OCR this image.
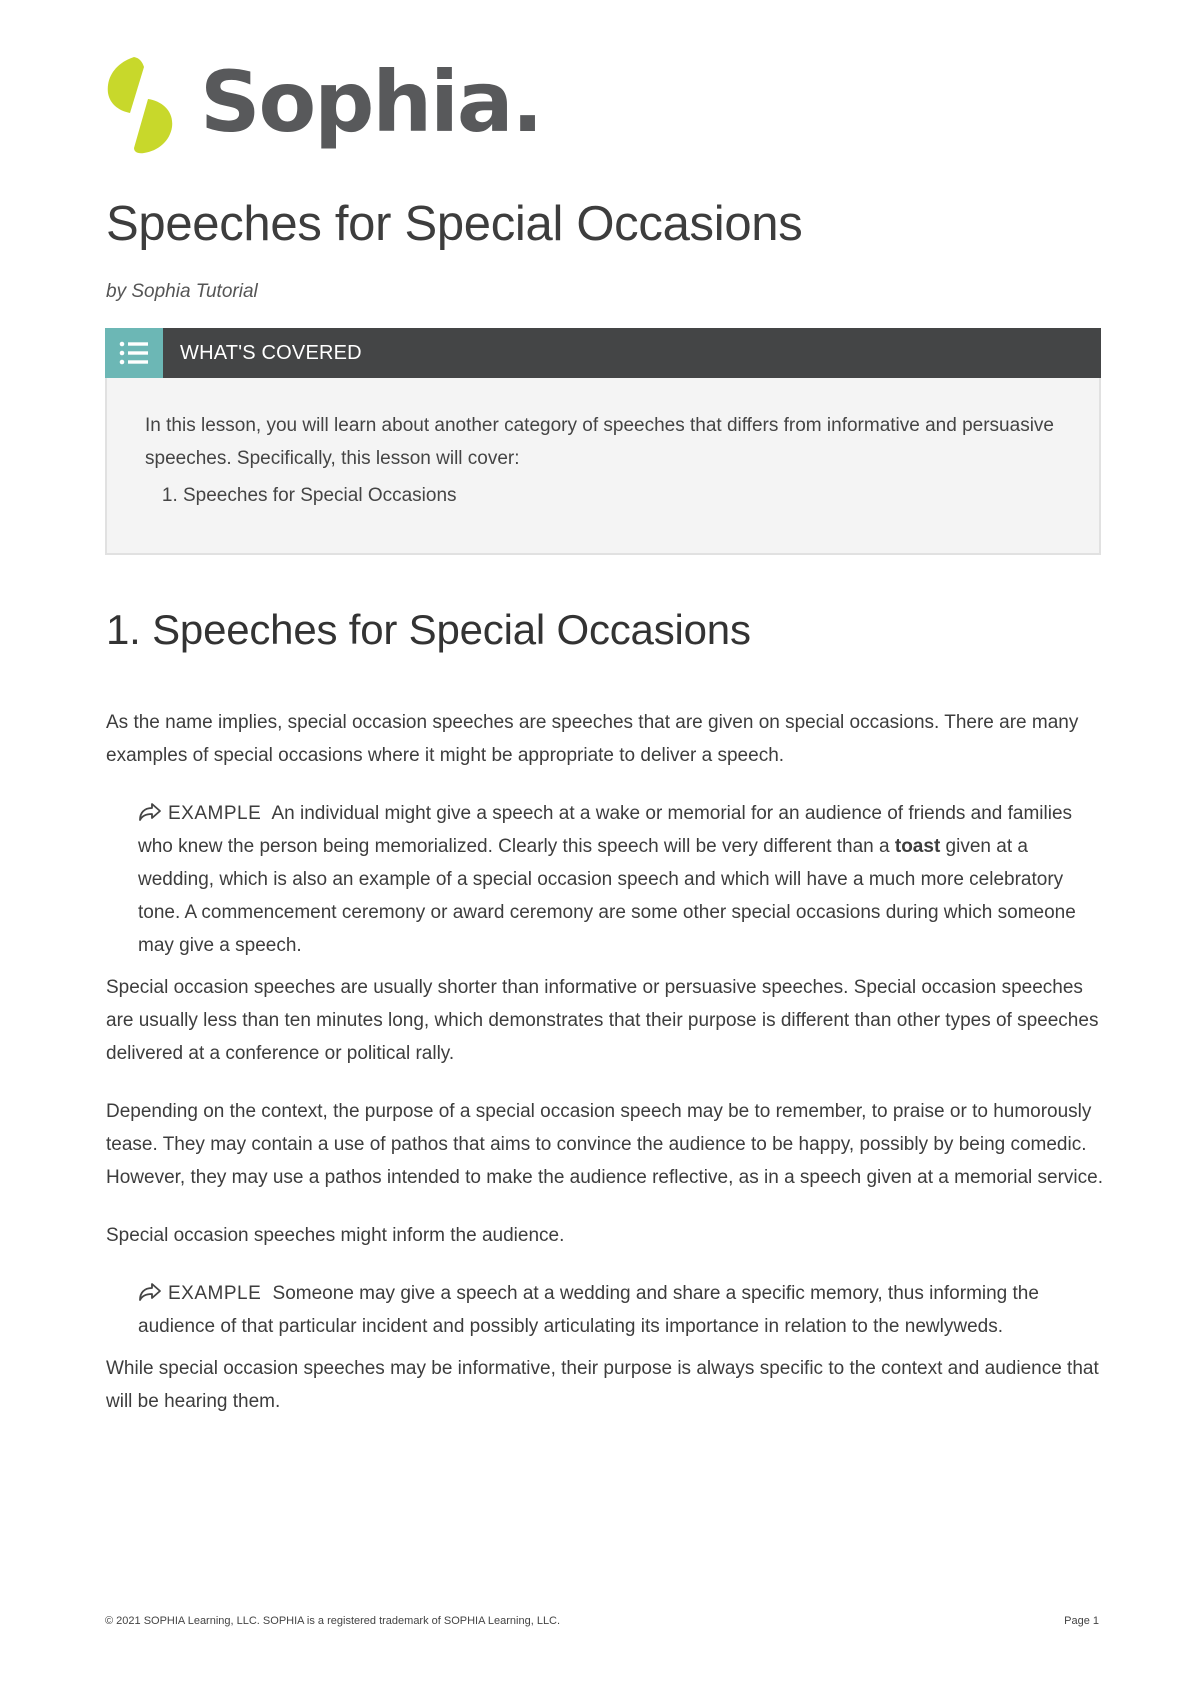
Sophia.
Speeches for Special Occasions
by Sophia Tutorial
WHAT'S COVERED

In this lesson, you will learn about another category of speeches that differs from informative and persuasive speeches. Specifically, this lesson will cover:

1. Speeches for Special Occasions
1. Speeches for Special Occasions

As the name implies, special occasion speeches are speeches that are given on special occasions. There are many examples of special occasions where it might be appropriate to deliver a speech.

EXAMPLE An individual might give a speech at a wake or memorial for an audience of friends and families who knew the person being memorialized. Clearly this speech will be very different than a toast given at a wedding, which is also an example of a special occasion speech and which will have a much more celebratory tone. A commencement ceremony or award ceremony are some other special occasions during which someone may give a speech.

Special occasion speeches are usually shorter than informative or persuasive speeches. Special occasion speeches are usually less than ten minutes long, which demonstrates that their purpose is different than other types of speeches delivered at a conference or political rally.

Depending on the context, the purpose of a special occasion speech may be to remember, to praise or to humorously tease. They may contain a use of pathos that aims to convince the audience to be happy, possibly by being comedic. However, they may use a pathos intended to make the audience reflective, as in a speech given at a memorial service.

Special occasion speeches might inform the audience.

EXAMPLE Someone may give a speech at a wedding and share a specific memory, thus informing the audience of that particular incident and possibly articulating its importance in relation to the newlyweds.

While special occasion speeches may be informative, their purpose is always specific to the context and audience that will be hearing them.

© 2021 SOPHIA Learning, LLC. SOPHIA is a registered trademark of SOPHIA Learning, LLC.	Page 1
